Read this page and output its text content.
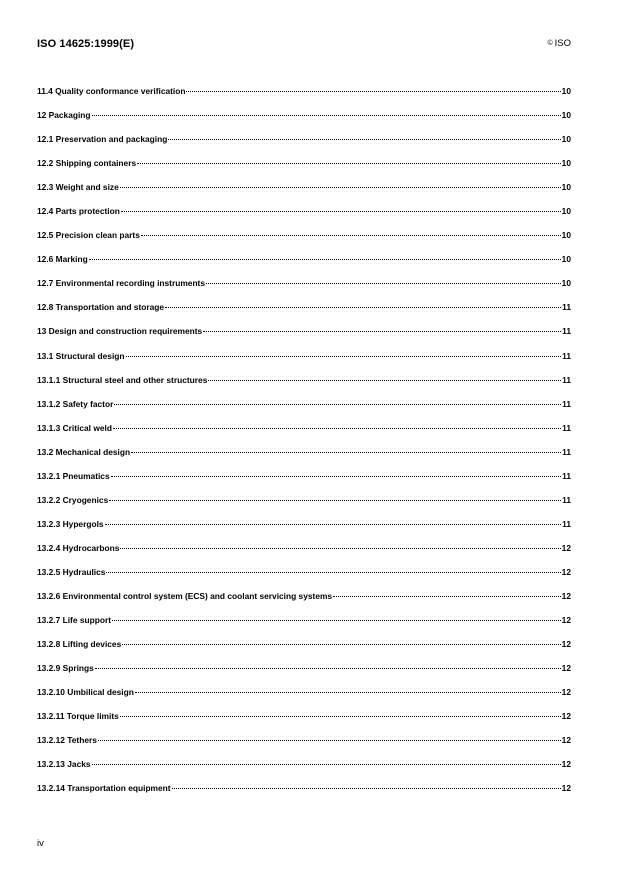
ISO 14625:1999(E)	© ISO
11.4 Quality conformance verification	10
12 Packaging	10
12.1 Preservation and packaging	10
12.2 Shipping containers	10
12.3 Weight and size	10
12.4 Parts protection	10
12.5 Precision clean parts	10
12.6 Marking	10
12.7 Environmental recording instruments	10
12.8 Transportation and storage	11
13 Design and construction requirements	11
13.1 Structural design	11
13.1.1 Structural steel and other structures	11
13.1.2 Safety factor	11
13.1.3 Critical weld	11
13.2 Mechanical design	11
13.2.1 Pneumatics	11
13.2.2 Cryogenics	11
13.2.3 Hypergols	11
13.2.4 Hydrocarbons	12
13.2.5 Hydraulics	12
13.2.6 Environmental control system (ECS) and coolant servicing systems	12
13.2.7 Life support	12
13.2.8 Lifting devices	12
13.2.9 Springs	12
13.2.10 Umbilical design	12
13.2.11 Torque limits	12
13.2.12 Tethers	12
13.2.13 Jacks	12
13.2.14 Transportation equipment	12
iv
